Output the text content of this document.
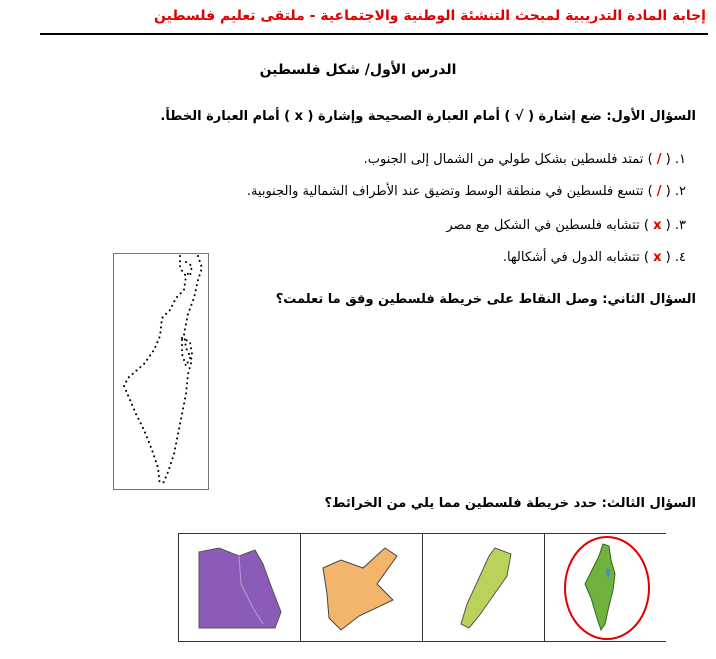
إجابة المادة التدريبية لمبحث التنشئة الوطنية والاجتماعية - ملتقى تعليم فلسطين
الدرس الأول/ شكل فلسطين
السؤال الأول: ضع إشارة ( √ ) أمام العبارة الصحيحة وإشارة ( x ) أمام العبارة الخطأ.
١. ( / ) تمتد فلسطين بشكل طولي من الشمال إلى الجنوب.
٢. ( / ) تتسع فلسطين في منطقة الوسط وتضيق عند الأطراف الشمالية والجنوبية.
٣. ( x ) تتشابه فلسطين في الشكل مع مصر
٤. ( x ) تتشابه الدول في أشكالها.
السؤال الثاني: وصل النقاط على خريطة فلسطين وفق ما تعلمت؟
السؤال الثالث: حدد خريطة فلسطين مما يلي من الخرائط؟
